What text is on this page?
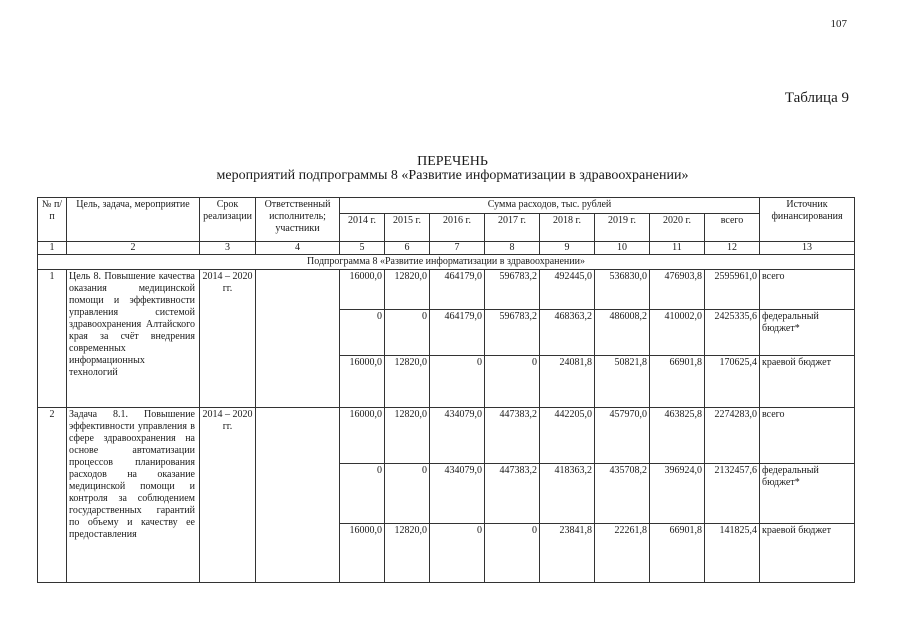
107
Таблица 9
ПЕРЕЧЕНЬ
мероприятий подпрограммы 8 «Развитие информатизации в здравоохранении»
№ п/п	Цель, задача, мероприятие	Срок реализации	Ответственный исполнитель; участники	Сумма расходов, тыс. рублей								Источник финансирования
				2014 г.	2015 г.	2016 г.	2017 г.	2018 г.	2019 г.	2020 г.	всего	
1	2	3	4	5	6	7	8	9	10	11	12	13
Подпрограмма 8 «Развитие информатизации в здравоохранении»												
1	Цель 8. Повышение качества оказания медицинской помощи и эффективности управления системой здравоохранения Алтайского края за счёт внедрения современных информационных технологий	2014 – 2020 гг.		16000,0	12820,0	464179,0	596783,2	492445,0	536830,0	476903,8	2595961,0	всего
				0	0	464179,0	596783,2	468363,2	486008,2	410002,0	2425335,6	федеральный бюджет*
				16000,0	12820,0	0	0	24081,8	50821,8	66901,8	170625,4	краевой бюджет
2	Задача 8.1. Повышение эффективности управления в сфере здравоохранения на основе автоматизации процессов планирования расходов на оказание медицинской помощи и контроля за соблюдением государственных гарантий по объему и качеству ее предоставления	2014 – 2020 гг.		16000,0	12820,0	434079,0	447383,2	442205,0	457970,0	463825,8	2274283,0	всего
				0	0	434079,0	447383,2	418363,2	435708,2	396924,0	2132457,6	федеральный бюджет*
				16000,0	12820,0	0	0	23841,8	22261,8	66901,8	141825,4	краевой бюджет
